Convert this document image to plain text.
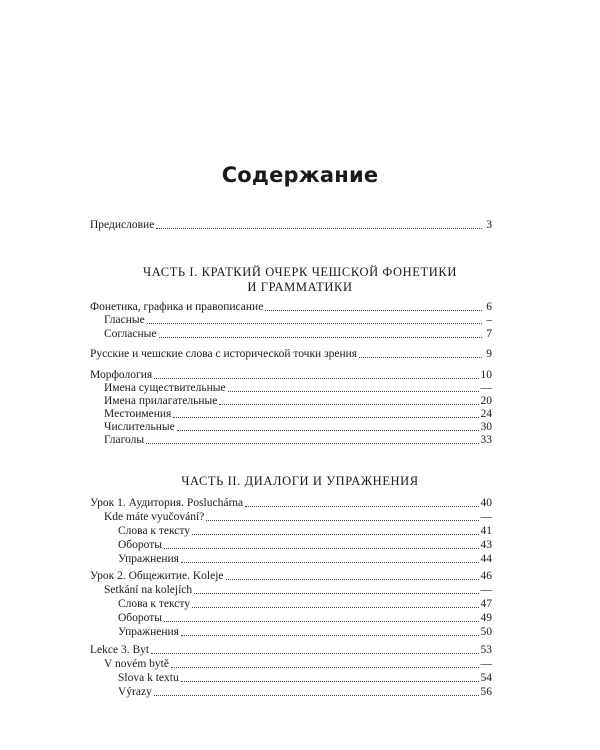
Содержание
Предисловие	3
ЧАСТЬ I. КРАТКИЙ ОЧЕРК ЧЕШСКОЙ ФОНЕТИКИ
И ГРАММАТИКИ
Фонетика, графика и правописание	6
Гласные	–
Согласные	7
Русские и чешские слова с исторической точки зрения	9
Морфология	10
Имена существительные	—
Имена прилагательные	20
Местоимения	24
Числительные	30
Глаголы	33
ЧАСТЬ II. ДИАЛОГИ И УПРАЖНЕНИЯ
Урок 1. Аудитория. Posluchárna	40
Kde máte vyučování?	—
Слова к тексту	41
Обороты	43
Упражнения	44
Урок 2. Общежитие. Koleje	46
Setkání na kolejích	—
Слова к тексту	47
Обороты	49
Упражнения	50
Lekce 3. Byt	53
V novém bytě	—
Slova k textu	54
Výrazy	56
